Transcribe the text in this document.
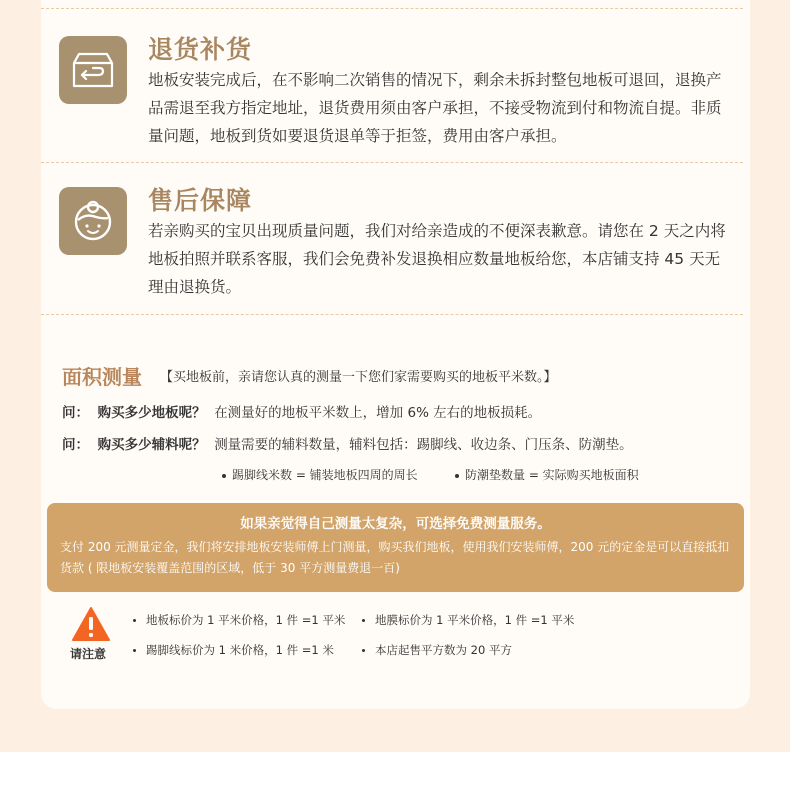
退货补货
地板安装完成后，在不影响二次销售的情况下，剩余未拆封整包地板可退回，退换产品需退至我方指定地址，退货费用须由客户承担，不接受物流到付和物流自提。非质量问题，地板到货如要退货退单等于拒签，费用由客户承担。
售后保障
若亲购买的宝贝出现质量问题，我们对给亲造成的不便深表歉意。请您在 2 天之内将地板拍照并联系客服，我们会免费补发退换相应数量地板给您，本店铺支持 45 天无理由退换货。
面积测量 【买地板前，亲请您认真的测量一下您们家需要购买的地板平米数。】
问： 购买多少地板呢？ 在测量好的地板平米数上，增加 6% 左右的地板损耗。
问： 购买多少辅料呢？ 测量需要的辅料数量，辅料包括：踢脚线、收边条、门压条、防潮垫。
踢脚线米数 = 铺装地板四周的周长	防潮垫数量 = 实际购买地板面积
如果亲觉得自己测量太复杂，可选择免费测量服务。
支付 200 元测量定金，我们将安排地板安装师傅上门测量，购买我们地板，使用我们安装师傅，200 元的定金是可以直接抵扣货款 ( 限地板安装覆盖范围的区域，低于 30 平方测量费退一百)
请注意
地板标价为 1 平米价格，1 件 =1 平米	地膜标价为 1 平米价格，1 件 =1 平米
踢脚线标价为 1 米价格，1 件 =1 米	本店起售平方数为 20 平方
